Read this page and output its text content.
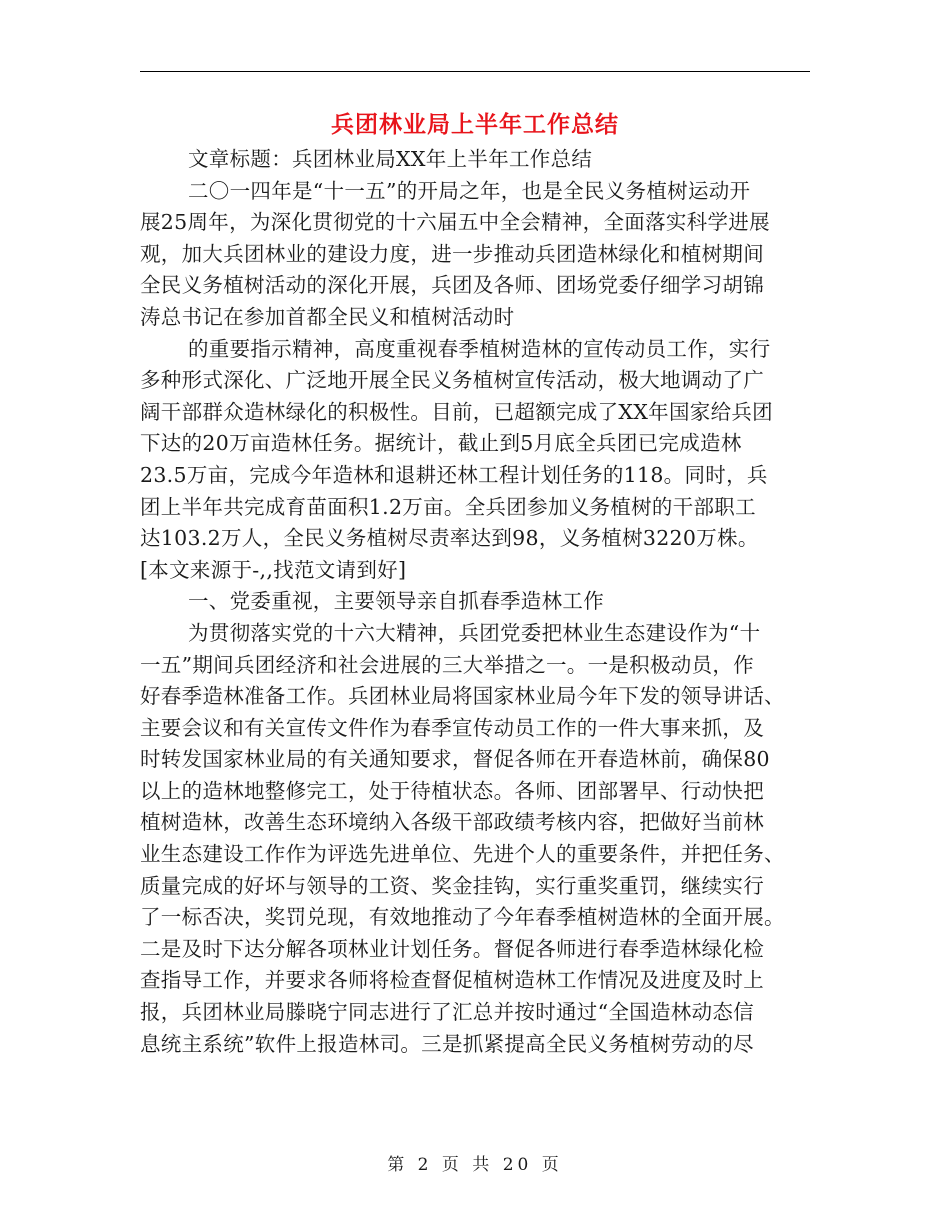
兵团林业局上半年工作总结
文章标题：兵团林业局XX年上半年工作总结
二〇一四年是“十一五”的开局之年，也是全民义务植树运动开
展25周年，为深化贯彻党的十六届五中全会精神，全面落实科学进展
观，加大兵团林业的建设力度，进一步推动兵团造林绿化和植树期间
全民义务植树活动的深化开展，兵团及各师、团场党委仔细学习胡锦
涛总书记在参加首都全民义和植树活动时
的重要指示精神，高度重视春季植树造林的宣传动员工作，实行
多种形式深化、广泛地开展全民义务植树宣传活动，极大地调动了广
阔干部群众造林绿化的积极性。目前，已超额完成了XX年国家给兵团
下达的20万亩造林任务。据统计，截止到5月底全兵团已完成造林
23.5万亩，完成今年造林和退耕还林工程计划任务的118。同时，兵
团上半年共完成育苗面积1.2万亩。全兵团参加义务植树的干部职工
达103.2万人，全民义务植树尽责率达到98，义务植树3220万株。
[本文来源于-,,找范文请到好]
一、党委重视，主要领导亲自抓春季造林工作
为贯彻落实党的十六大精神，兵团党委把林业生态建设作为“十
一五”期间兵团经济和社会进展的三大举措之一。一是积极动员，作
好春季造林准备工作。兵团林业局将国家林业局今年下发的领导讲话、
主要会议和有关宣传文件作为春季宣传动员工作的一件大事来抓，及
时转发国家林业局的有关通知要求，督促各师在开春造林前，确保80
以上的造林地整修完工，处于待植状态。各师、团部署早、行动快把
植树造林，改善生态环境纳入各级干部政绩考核内容，把做好当前林
业生态建设工作作为评选先进单位、先进个人的重要条件，并把任务、
质量完成的好坏与领导的工资、奖金挂钩，实行重奖重罚，继续实行
了一标否决，奖罚兑现，有效地推动了今年春季植树造林的全面开展。
二是及时下达分解各项林业计划任务。督促各师进行春季造林绿化检
查指导工作，并要求各师将检查督促植树造林工作情况及进度及时上
报，兵团林业局滕晓宁同志进行了汇总并按时通过“全国造林动态信
息统主系统”软件上报造林司。三是抓紧提高全民义务植树劳动的尽
第 2 页 共 20 页
